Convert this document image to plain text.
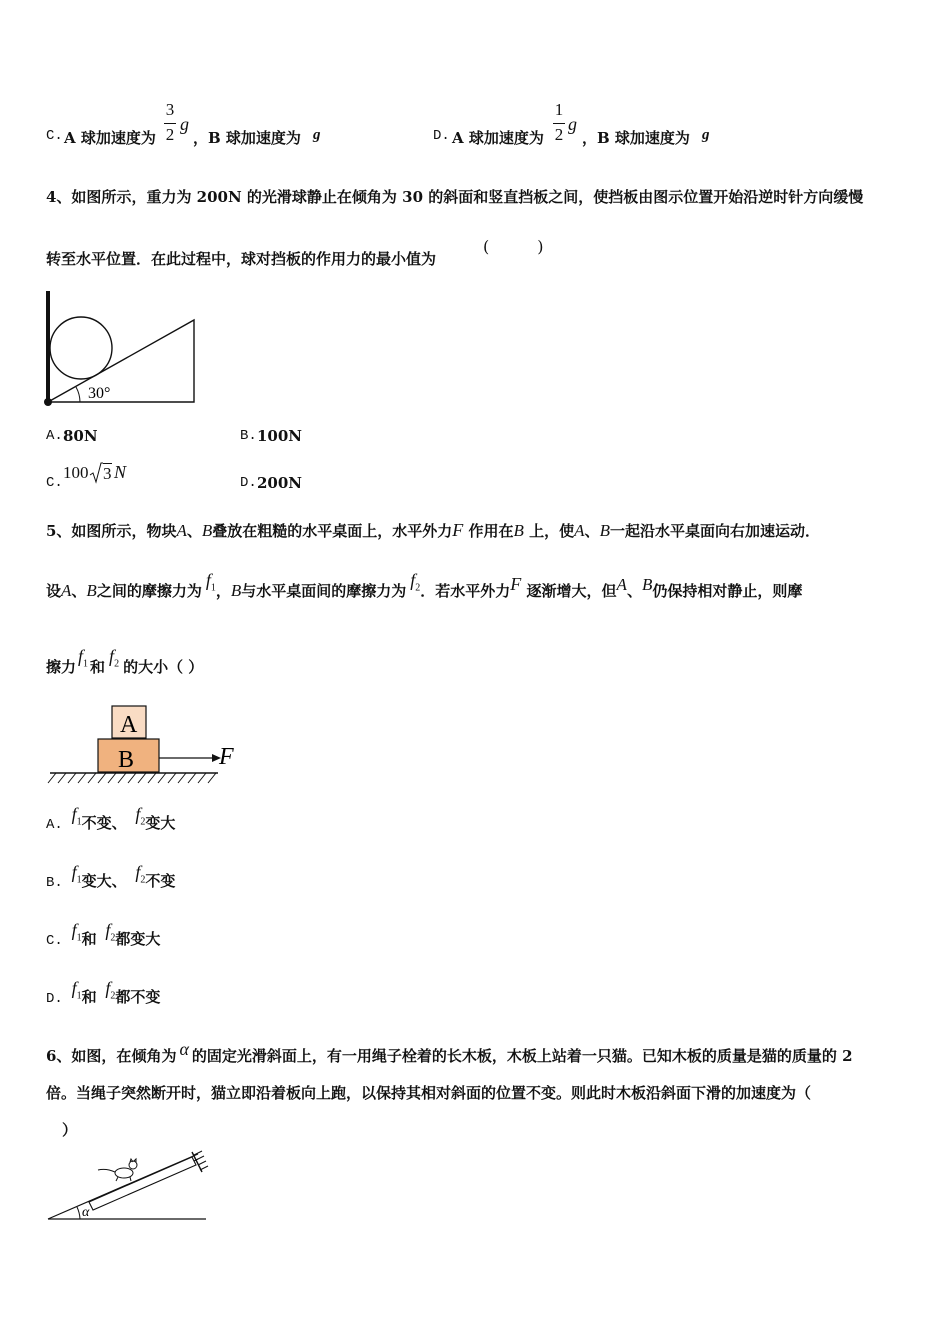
C. A 球加速度为
3
2
g
，B 球加速度为 g	D. A 球加速度为
1
2
g
，B 球加速度为 g
4、如图所示，重力为 200N 的光滑球静止在倾角为 30 的斜面和竖直挡板之间，使挡板由图示位置开始沿逆时针方向缓慢
转至水平位置．在此过程中，球对挡板的作用力的最小值为
(　　　)
30°
A. 80N	B. 100N
C.
100 3 N
D. 200N
5、如图所示，物块A、B叠放在粗糙的水平桌面上，水平外力F 作用在B 上，使A、B一起沿水平桌面向右加速运动．
设A、B之间的摩擦力为$f_1$，B与水平桌面间的摩擦力为$f_2$．若水平外力F 逐渐增大，但A、B仍保持相对静止，则摩
擦力$f_1$ 和$f_2$ 的大小（ ）
A
B	F
A. $f_1$不变、 $f_2$变大
B. $f_1$变大、 $f_2$不变
C. $f_1$和 $f_2$都变大
D. $f_1$和 $f_2$都不变
6、如图，在倾角为 α 的固定光滑斜面上，有一用绳子栓着的长木板，木板上站着一只猫。已知木板的质量是猫的质量的 2
倍。当绳子突然断开时，猫立即沿着板向上跑，以保持其相对斜面的位置不变。则此时木板沿斜面下滑的加速度为（
）
α
